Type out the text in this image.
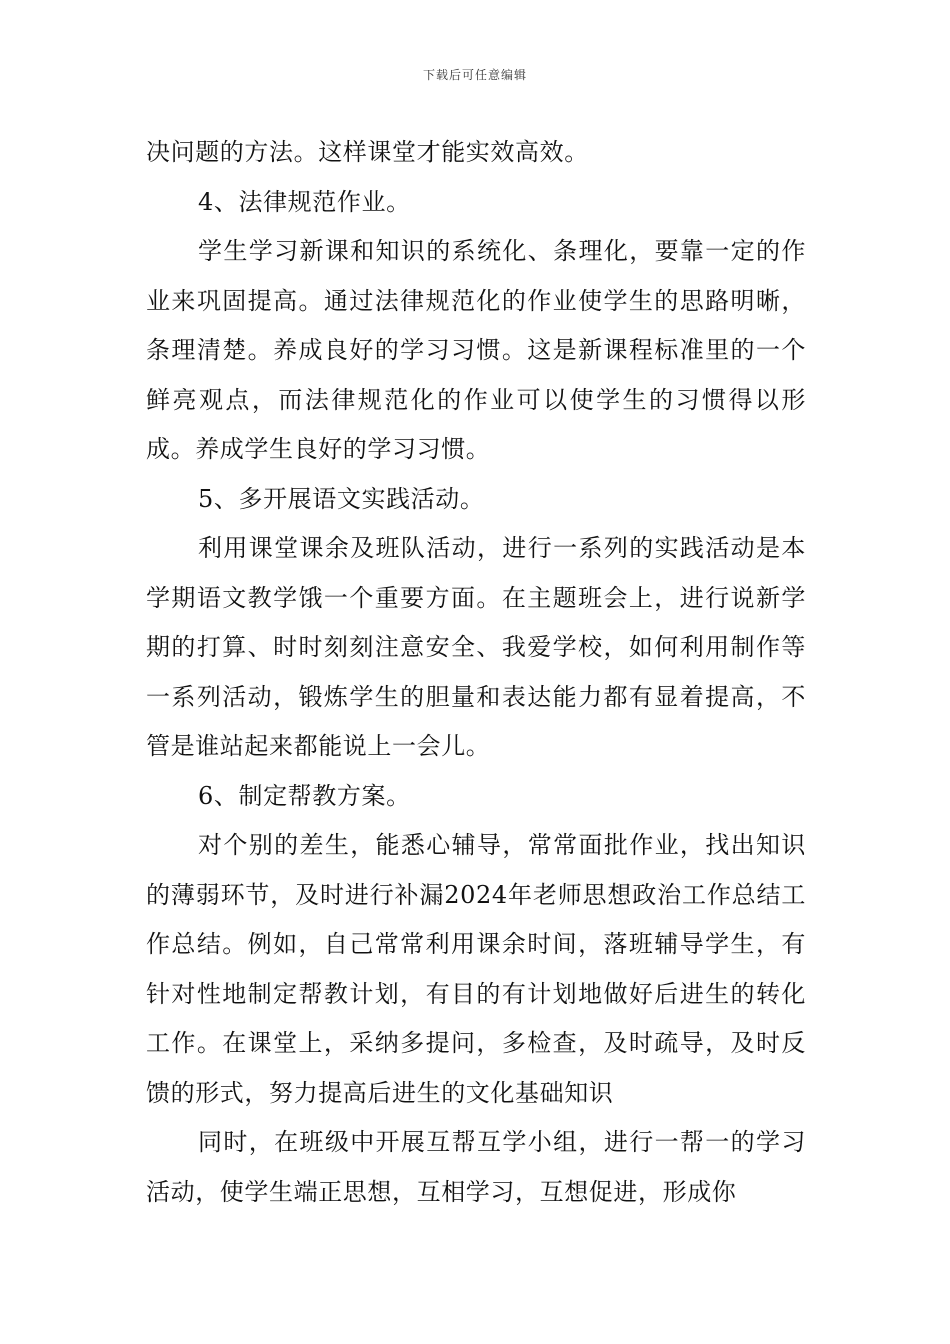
下载后可任意编辑

决问题的方法。这样课堂才能实效高效。

4、法律规范作业。

学生学习新课和知识的系统化、条理化，要靠一定的作业来巩固提高。通过法律规范化的作业使学生的思路明晰，条理清楚。养成良好的学习习惯。这是新课程标准里的一个鲜亮观点，而法律规范化的作业可以使学生的习惯得以形成。养成学生良好的学习习惯。

5、多开展语文实践活动。

利用课堂课余及班队活动，进行一系列的实践活动是本学期语文教学饿一个重要方面。在主题班会上，进行说新学期的打算、时时刻刻注意安全、我爱学校，如何利用制作等一系列活动，锻炼学生的胆量和表达能力都有显着提高，不管是谁站起来都能说上一会儿。

6、制定帮教方案。

对个别的差生，能悉心辅导，常常面批作业，找出知识的薄弱环节，及时进行补漏2024年老师思想政治工作总结工作总结。例如，自己常常利用课余时间，落班辅导学生，有针对性地制定帮教计划，有目的有计划地做好后进生的转化工作。在课堂上，采纳多提问，多检查，及时疏导，及时反馈的形式，努力提高后进生的文化基础知识

同时，在班级中开展互帮互学小组，进行一帮一的学习活动，使学生端正思想，互相学习，互想促进，形成你
